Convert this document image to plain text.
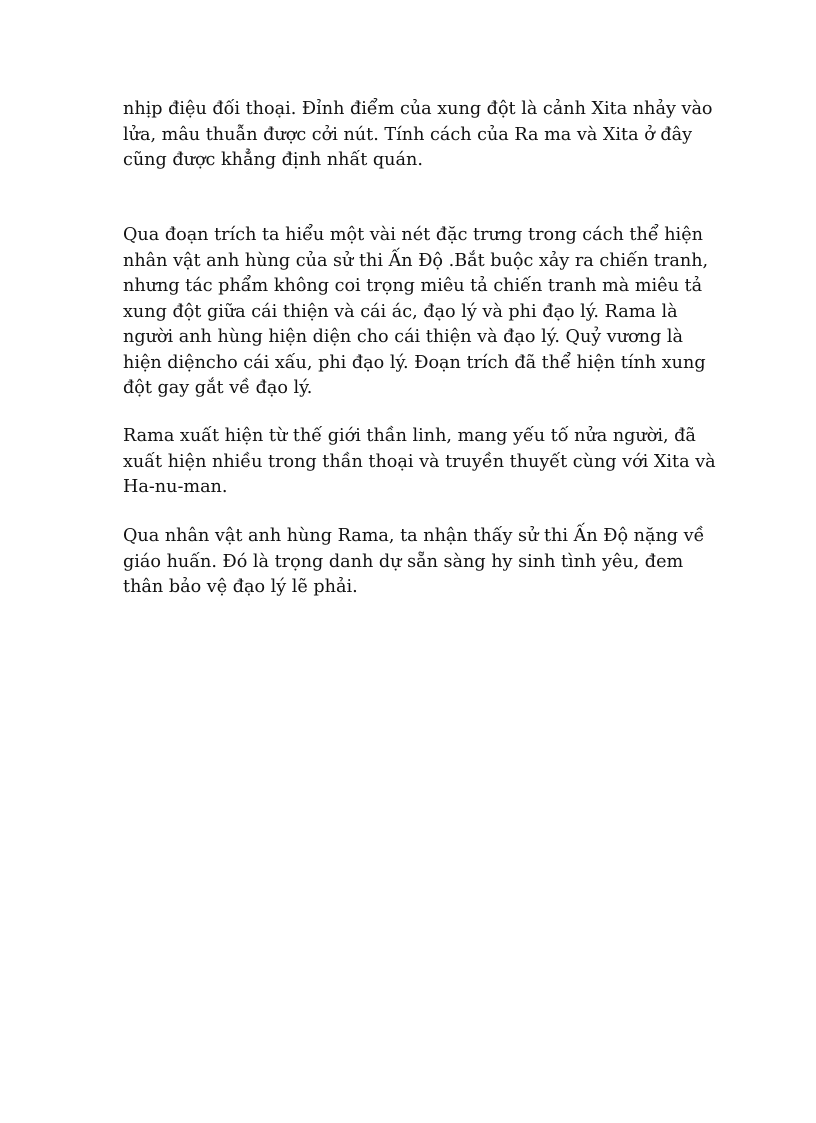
nhịp điệu đối thoại. Đỉnh điểm của xung đột là cảnh Xita nhảy vào
lửa, mâu thuẫn được cởi nút. Tính cách của Ra ma và Xita ở đây
cũng được khẳng định nhất quán.

Qua đoạn trích ta hiểu một vài nét đặc trưng trong cách thể hiện
nhân vật anh hùng của sử thi Ấn Độ .Bắt buộc xảy ra chiến tranh,
nhưng tác phẩm không coi trọng miêu tả chiến tranh mà miêu tả
xung đột giữa cái thiện và cái ác, đạo lý và phi đạo lý. Rama là
người anh hùng hiện diện cho cái thiện và đạo lý. Quỷ vương là
hiện diệncho cái xấu, phi đạo lý. Đoạn trích đã thể hiện tính xung
đột gay gắt về đạo lý.

Rama xuất hiện từ thế giới thần linh, mang yếu tố nửa người, đã
xuất hiện nhiều trong thần thoại và truyền thuyết cùng với Xita và
Ha-nu-man.

Qua nhân vật anh hùng Rama, ta nhận thấy sử thi Ấn Độ nặng về
giáo huấn. Đó là trọng danh dự sẵn sàng hy sinh tình yêu, đem
thân bảo vệ đạo lý lẽ phải.
